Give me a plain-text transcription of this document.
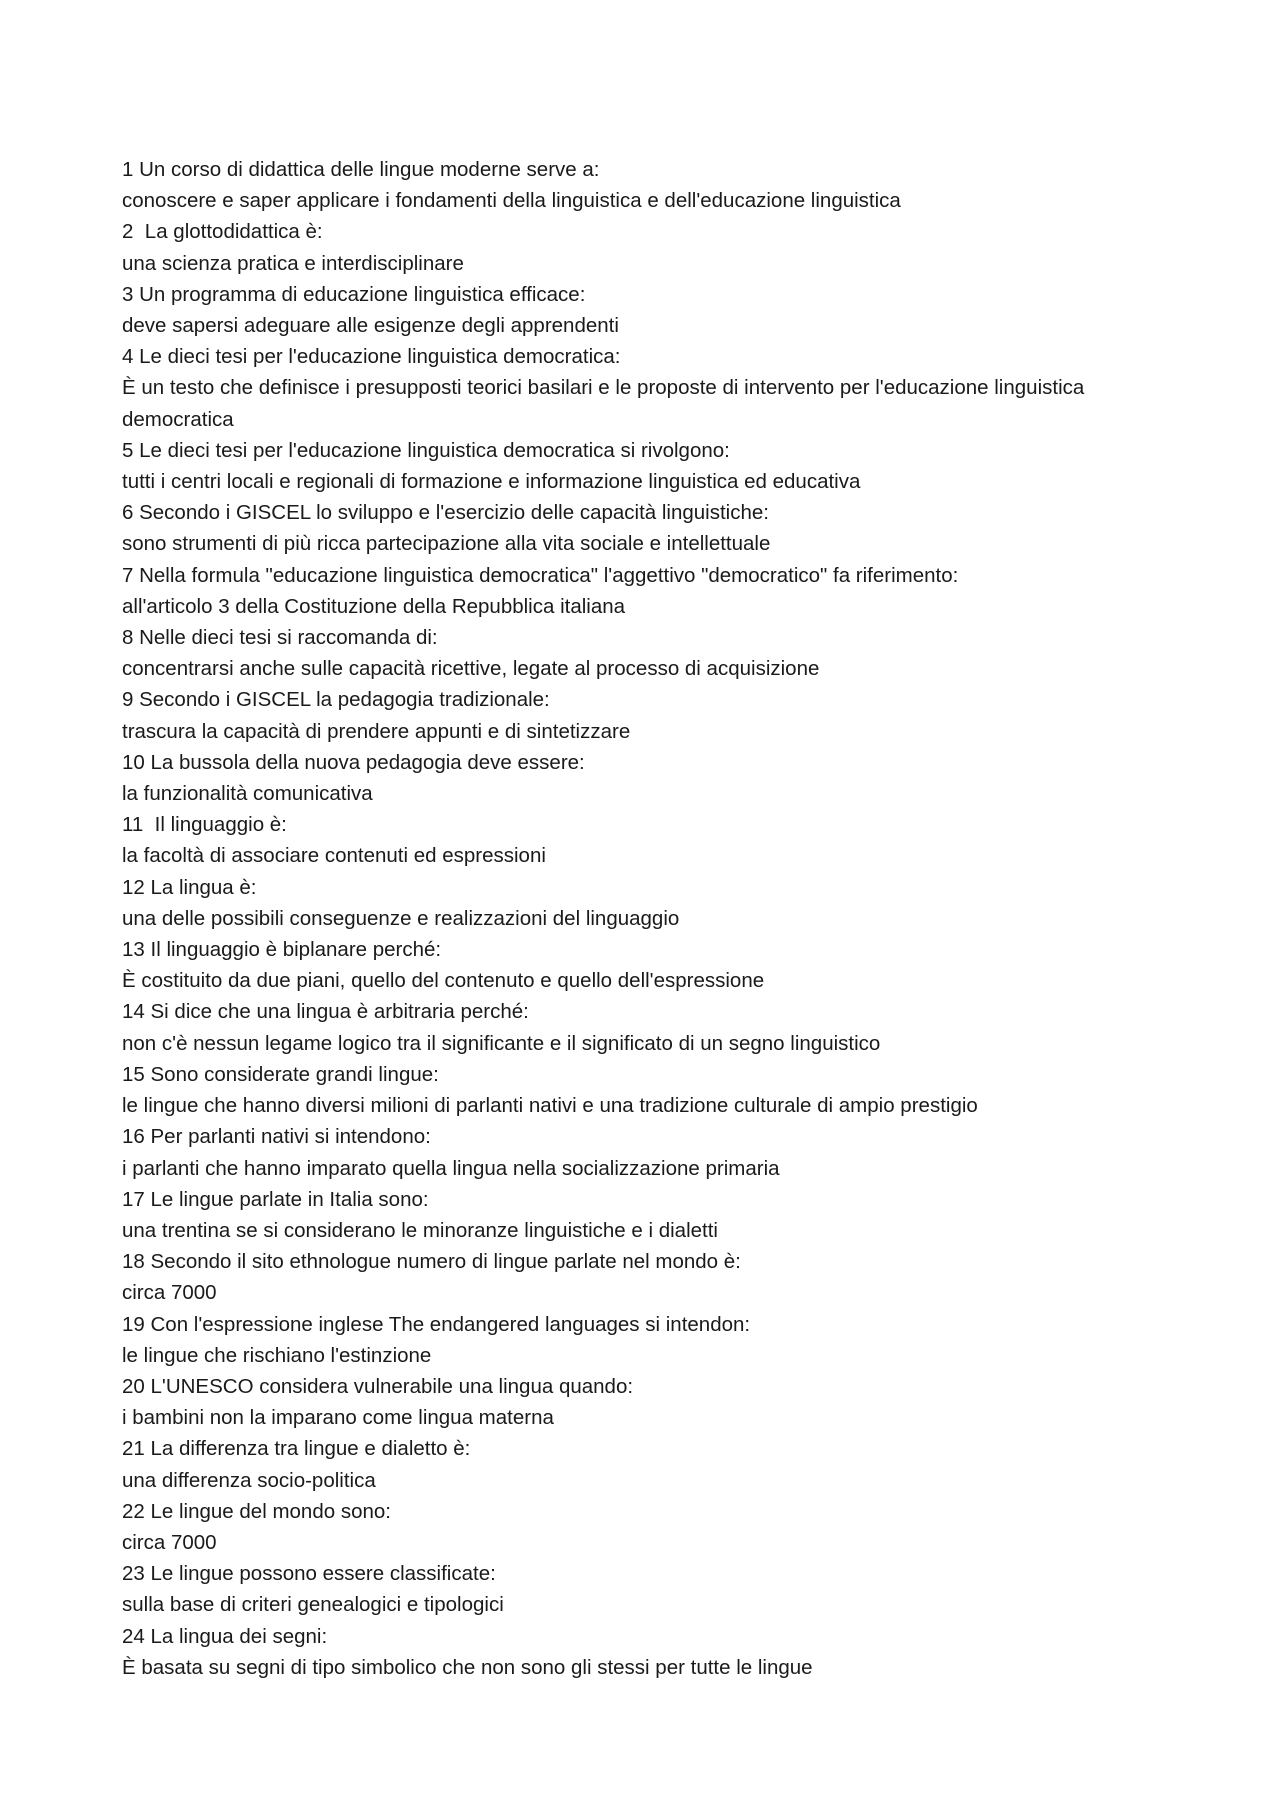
1 Un corso di didattica delle lingue moderne serve a:

conoscere e saper applicare i fondamenti della linguistica e dell'educazione linguistica

2  La glottodidattica è:

una scienza pratica e interdisciplinare

3 Un programma di educazione linguistica efficace:

deve sapersi adeguare alle esigenze degli apprendenti

4 Le dieci tesi per l'educazione linguistica democratica:

È un testo che definisce i presupposti teorici basilari e le proposte di intervento per l'educazione linguistica

democratica

5 Le dieci tesi per l'educazione linguistica democratica si rivolgono:

tutti i centri locali e regionali di formazione e informazione linguistica ed educativa

6 Secondo i GISCEL lo sviluppo e l'esercizio delle capacità linguistiche:

sono strumenti di più ricca partecipazione alla vita sociale e intellettuale

7 Nella formula "educazione linguistica democratica" l'aggettivo "democratico" fa riferimento:

all'articolo 3 della Costituzione della Repubblica italiana

8 Nelle dieci tesi si raccomanda di:

concentrarsi anche sulle capacità ricettive, legate al processo di acquisizione

9 Secondo i GISCEL la pedagogia tradizionale:

trascura la capacità di prendere appunti e di sintetizzare

10 La bussola della nuova pedagogia deve essere:

la funzionalità comunicativa

11  Il linguaggio è:

la facoltà di associare contenuti ed espressioni

12 La lingua è:

una delle possibili conseguenze e realizzazioni del linguaggio

13 Il linguaggio è biplanare perché:

È costituito da due piani, quello del contenuto e quello dell'espressione

14 Si dice che una lingua è arbitraria perché:

non c'è nessun legame logico tra il significante e il significato di un segno linguistico

15 Sono considerate grandi lingue:

le lingue che hanno diversi milioni di parlanti nativi e una tradizione culturale di ampio prestigio

16 Per parlanti nativi si intendono:

i parlanti che hanno imparato quella lingua nella socializzazione primaria

17 Le lingue parlate in Italia sono:

una trentina se si considerano le minoranze linguistiche e i dialetti

18 Secondo il sito ethnologue numero di lingue parlate nel mondo è:

circa 7000

19 Con l'espressione inglese The endangered languages si intendon:

le lingue che rischiano l'estinzione

20 L'UNESCO considera vulnerabile una lingua quando:

i bambini non la imparano come lingua materna

21 La differenza tra lingue e dialetto è:

una differenza socio-politica

22 Le lingue del mondo sono:

circa 7000

23 Le lingue possono essere classificate:

sulla base di criteri genealogici e tipologici

24 La lingua dei segni:

È basata su segni di tipo simbolico che non sono gli stessi per tutte le lingue
